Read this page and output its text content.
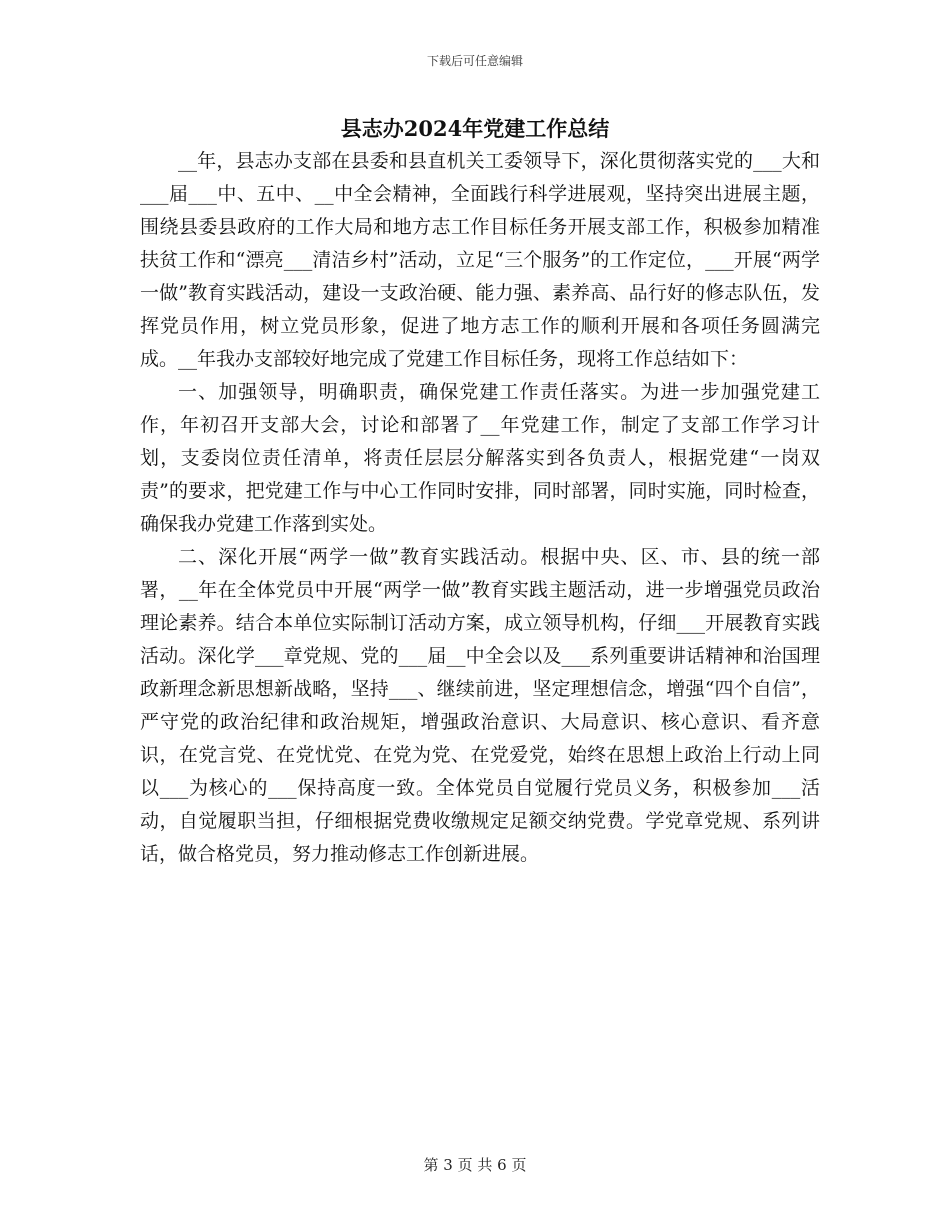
下载后可任意编辑
县志办2024年党建工作总结

__年，县志办支部在县委和县直机关工委领导下，深化贯彻落实党的___大和___届___中、五中、__中全会精神，全面践行科学进展观，坚持突出进展主题，围绕县委县政府的工作大局和地方志工作目标任务开展支部工作，积极参加精准扶贫工作和“漂亮___清洁乡村”活动，立足“三个服务”的工作定位，___开展“两学一做”教育实践活动，建设一支政治硬、能力强、素养高、品行好的修志队伍，发挥党员作用，树立党员形象，促进了地方志工作的顺利开展和各项任务圆满完成。__年我办支部较好地完成了党建工作目标任务，现将工作总结如下：

一、加强领导，明确职责，确保党建工作责任落实。为进一步加强党建工作，年初召开支部大会，讨论和部署了__年党建工作，制定了支部工作学习计划，支委岗位责任清单，将责任层层分解落实到各负责人，根据党建“一岗双责”的要求，把党建工作与中心工作同时安排，同时部署，同时实施，同时检查，确保我办党建工作落到实处。

二、深化开展“两学一做”教育实践活动。根据中央、区、市、县的统一部署，__年在全体党员中开展“两学一做”教育实践主题活动，进一步增强党员政治理论素养。结合本单位实际制订活动方案，成立领导机构，仔细___开展教育实践活动。深化学___章党规、党的___届__中全会以及___系列重要讲话精神和治国理政新理念新思想新战略，坚持___、继续前进，坚定理想信念，增强“四个自信”，严守党的政治纪律和政治规矩，增强政治意识、大局意识、核心意识、看齐意识，在党言党、在党忧党、在党为党、在党爱党，始终在思想上政治上行动上同以___为核心的___保持高度一致。全体党员自觉履行党员义务，积极参加___活动，自觉履职当担，仔细根据党费收缴规定足额交纳党费。学党章党规、系列讲话，做合格党员，努力推动修志工作创新进展。

第 3 页 共 6 页
